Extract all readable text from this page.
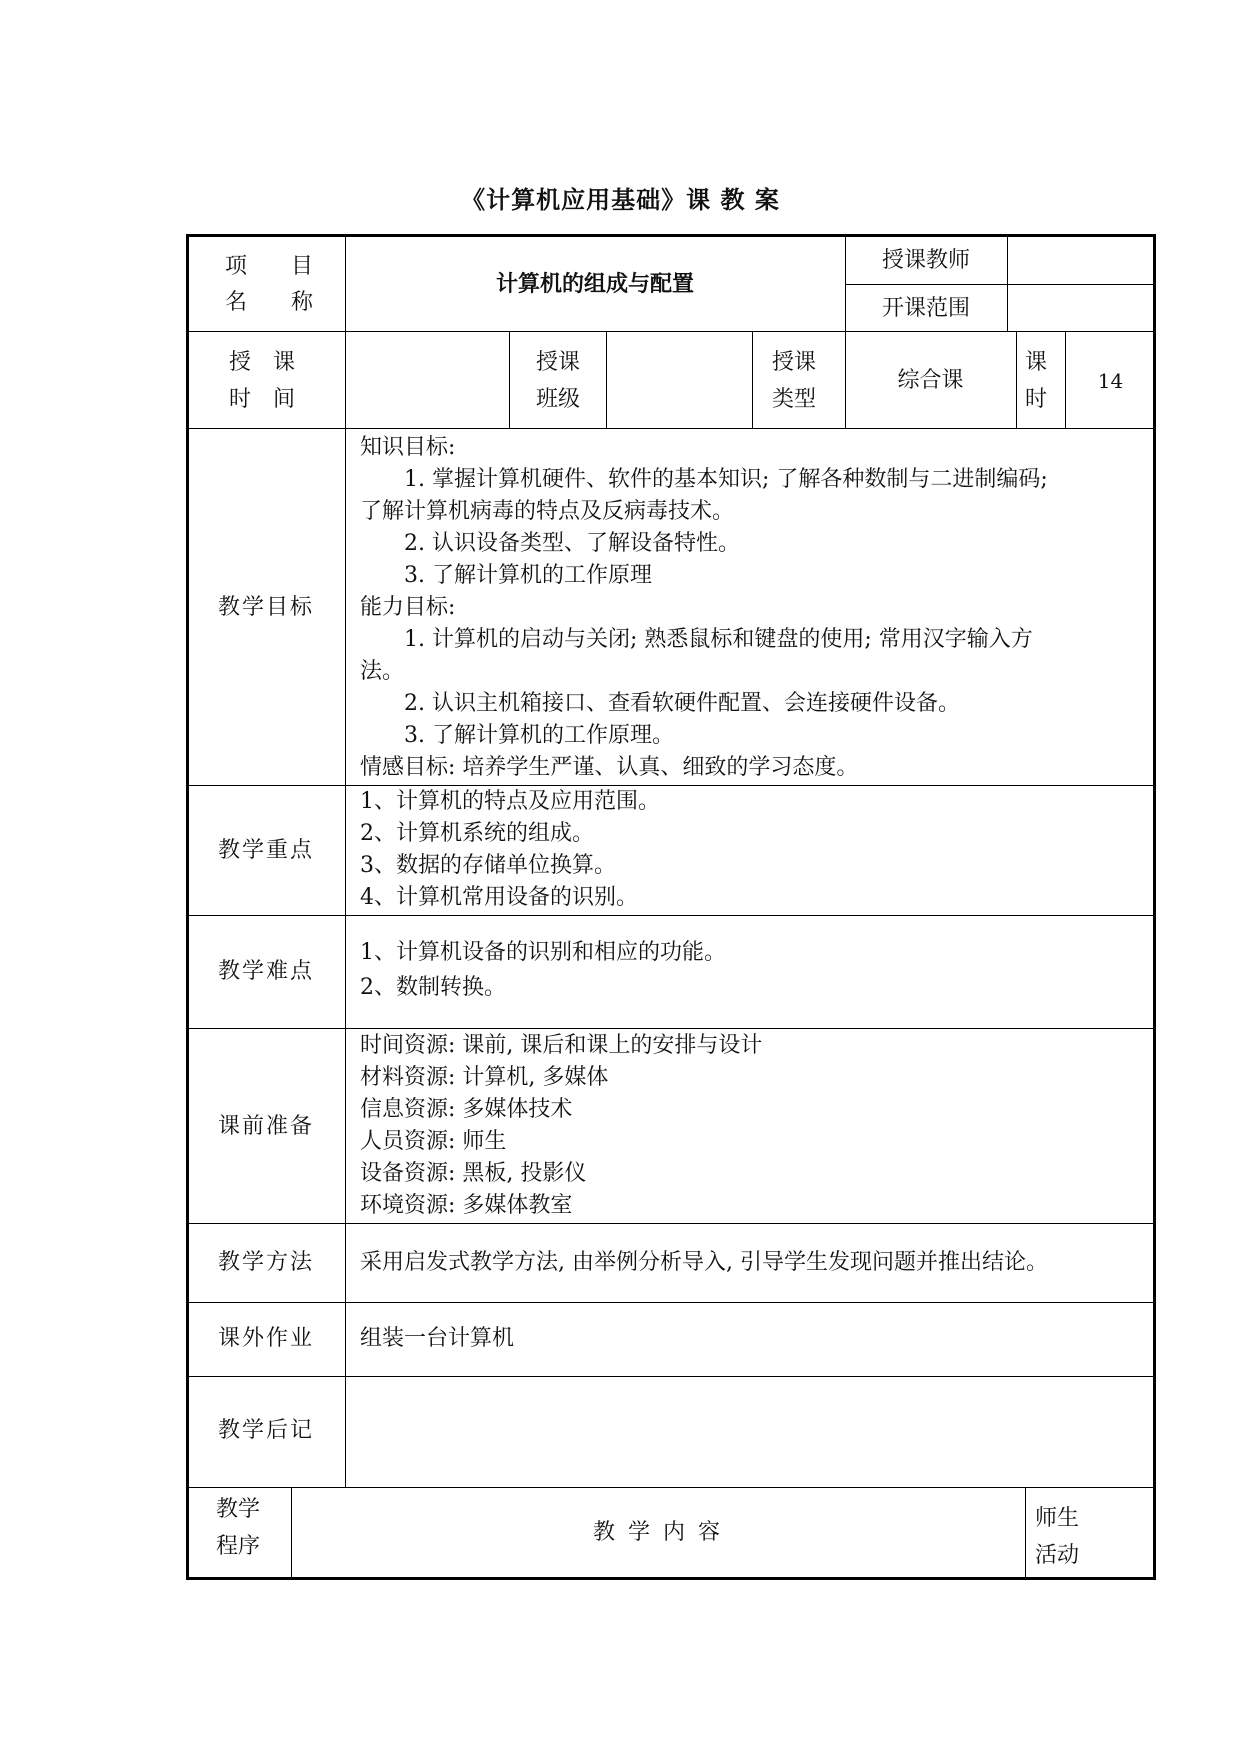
《计算机应用基础》课 教 案
项　　目
名　　称
计算机的组成与配置
授课教师
开课范围
授　课
时　间
授课
班级
授课
类型
综合课
课
时
14
教学目标
知识目标:
　　1. 掌握计算机硬件、软件的基本知识; 了解各种数制与二进制编码;
了解计算机病毒的特点及反病毒技术。
　　2. 认识设备类型、了解设备特性。
　　3. 了解计算机的工作原理
能力目标:
　　1. 计算机的启动与关闭; 熟悉鼠标和键盘的使用; 常用汉字输入方
法。
　　2. 认识主机箱接口、查看软硬件配置、会连接硬件设备。
　　3. 了解计算机的工作原理。
情感目标: 培养学生严谨、认真、细致的学习态度。
教学重点
1、计算机的特点及应用范围。
2、计算机系统的组成。
3、数据的存储单位换算。
4、计算机常用设备的识别。
教学难点
1、计算机设备的识别和相应的功能。
2、数制转换。
课前准备
时间资源: 课前, 课后和课上的安排与设计
材料资源: 计算机, 多媒体
信息资源: 多媒体技术
人员资源: 师生
设备资源: 黑板, 投影仪
环境资源: 多媒体教室
教学方法 采用启发式教学方法, 由举例分析导入, 引导学生发现问题并推出结论。
课外作业 组装一台计算机
教学后记
教学
程序
教 学 内 容
师生
活动
